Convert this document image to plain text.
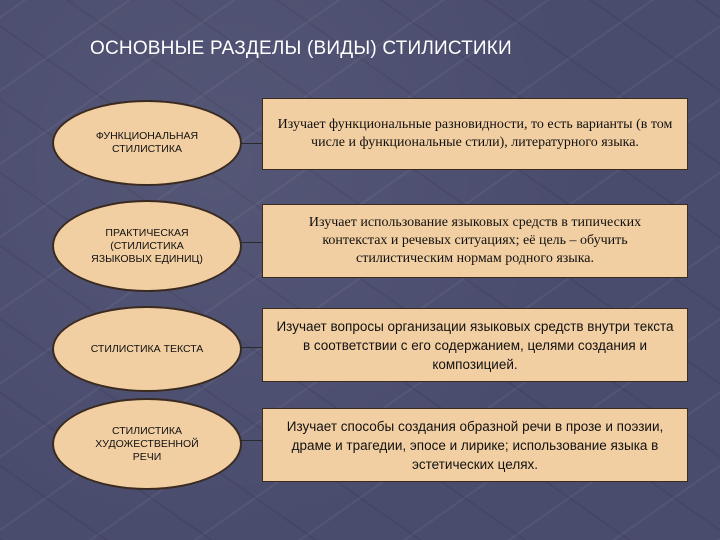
ОСНОВНЫЕ РАЗДЕЛЫ (ВИДЫ) СТИЛИСТИКИ
ФУНКЦИОНАЛЬНАЯ СТИЛИСТИКА
Изучает функциональные разновидности, то есть варианты (в том числе и функциональные стили), литературного языка.
ПРАКТИЧЕСКАЯ (СТИЛИСТИКА ЯЗЫКОВЫХ ЕДИНИЦ)
Изучает использование языковых средств в типических контекстах и речевых ситуациях; её цель – обучить стилистическим нормам родного языка.
СТИЛИСТИКА ТЕКСТА
Изучает вопросы организации языковых средств внутри текста в соответствии с его содержанием, целями создания и композицией.
СТИЛИСТИКА ХУДОЖЕСТВЕННОЙ РЕЧИ
Изучает способы создания образной речи в прозе и поэзии, драме и трагедии, эпосе и лирике; использование языка в эстетических целях.
